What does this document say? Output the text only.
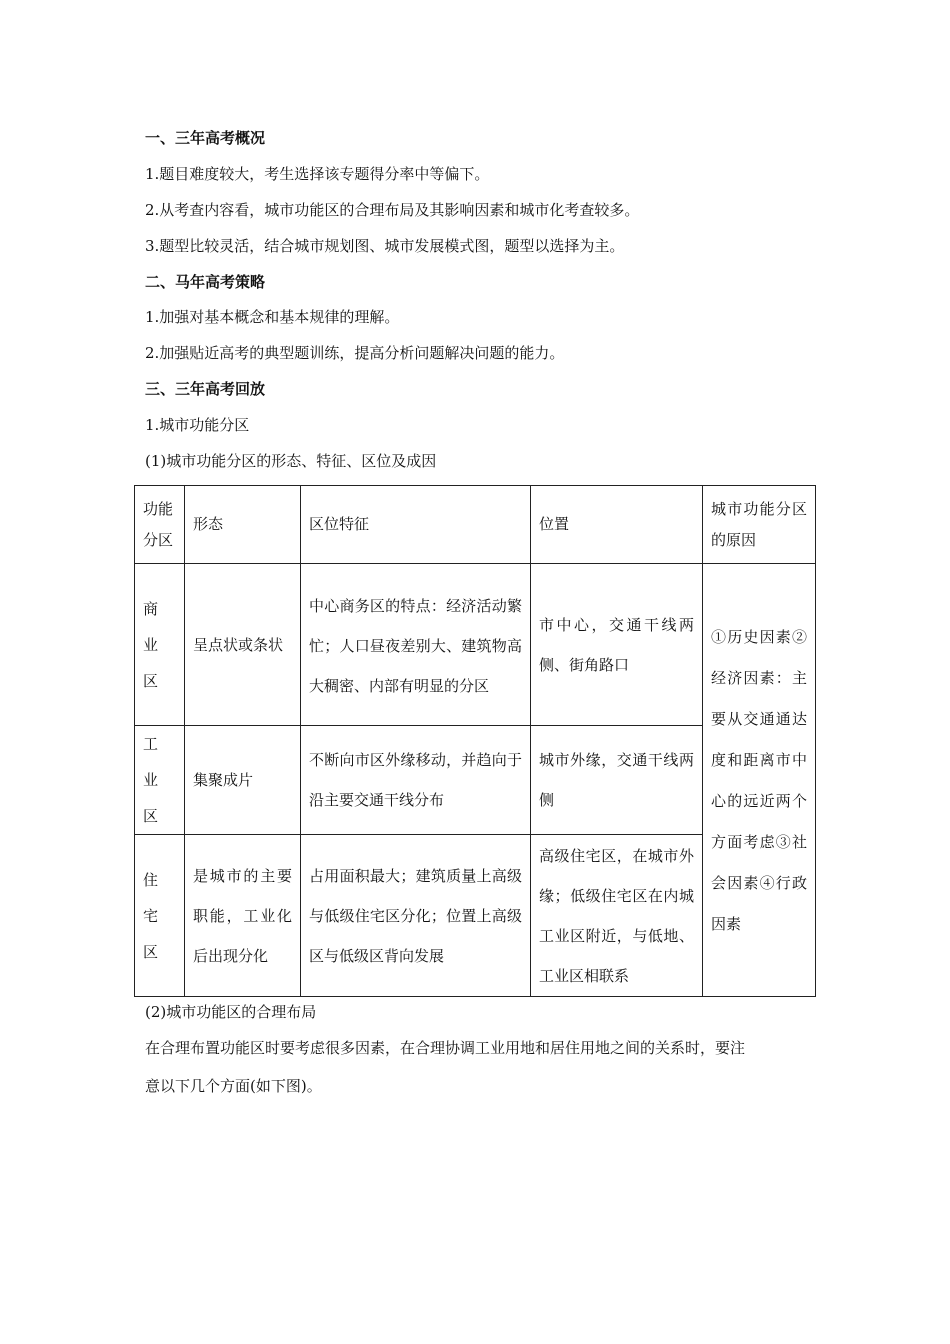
一、三年高考概况
1.题目难度较大，考生选择该专题得分率中等偏下。
2.从考查内容看，城市功能区的合理布局及其影响因素和城市化考查较多。
3.题型比较灵活，结合城市规划图、城市发展模式图，题型以选择为主。
二、马年高考策略
1.加强对基本概念和基本规律的理解。
2.加强贴近高考的典型题训练，提高分析问题解决问题的能力。
三、三年高考回放
1.城市功能分区
(1)城市功能分区的形态、特征、区位及成因
功能分区	形态	区位特征	位置	城市功能分区的原因

商
业
区	呈点状或条状	中心商务区的特点：经济活动繁忙；人口昼夜差别大、建筑物高大稠密、内部有明显的分区	市中心，交通干线两侧、街角路口	①历史因素②经济因素：主要从交通通达度和距离市中心的远近两个方面考虑③社会因素④行政因素

工
业
区	集聚成片	不断向市区外缘移动，并趋向于沿主要交通干线分布	城市外缘，交通干线两侧	

住
宅
区	是城市的主要职能，工业化后出现分化	占用面积最大；建筑质量上高级与低级住宅区分化；位置上高级区与低级区背向发展	高级住宅区，在城市外缘；低级住宅区在内城工业区附近，与低地、工业区相联系	
(2)城市功能区的合理布局
在合理布置功能区时要考虑很多因素，在合理协调工业用地和居住用地之间的关系时，要注
意以下几个方面(如下图)。
